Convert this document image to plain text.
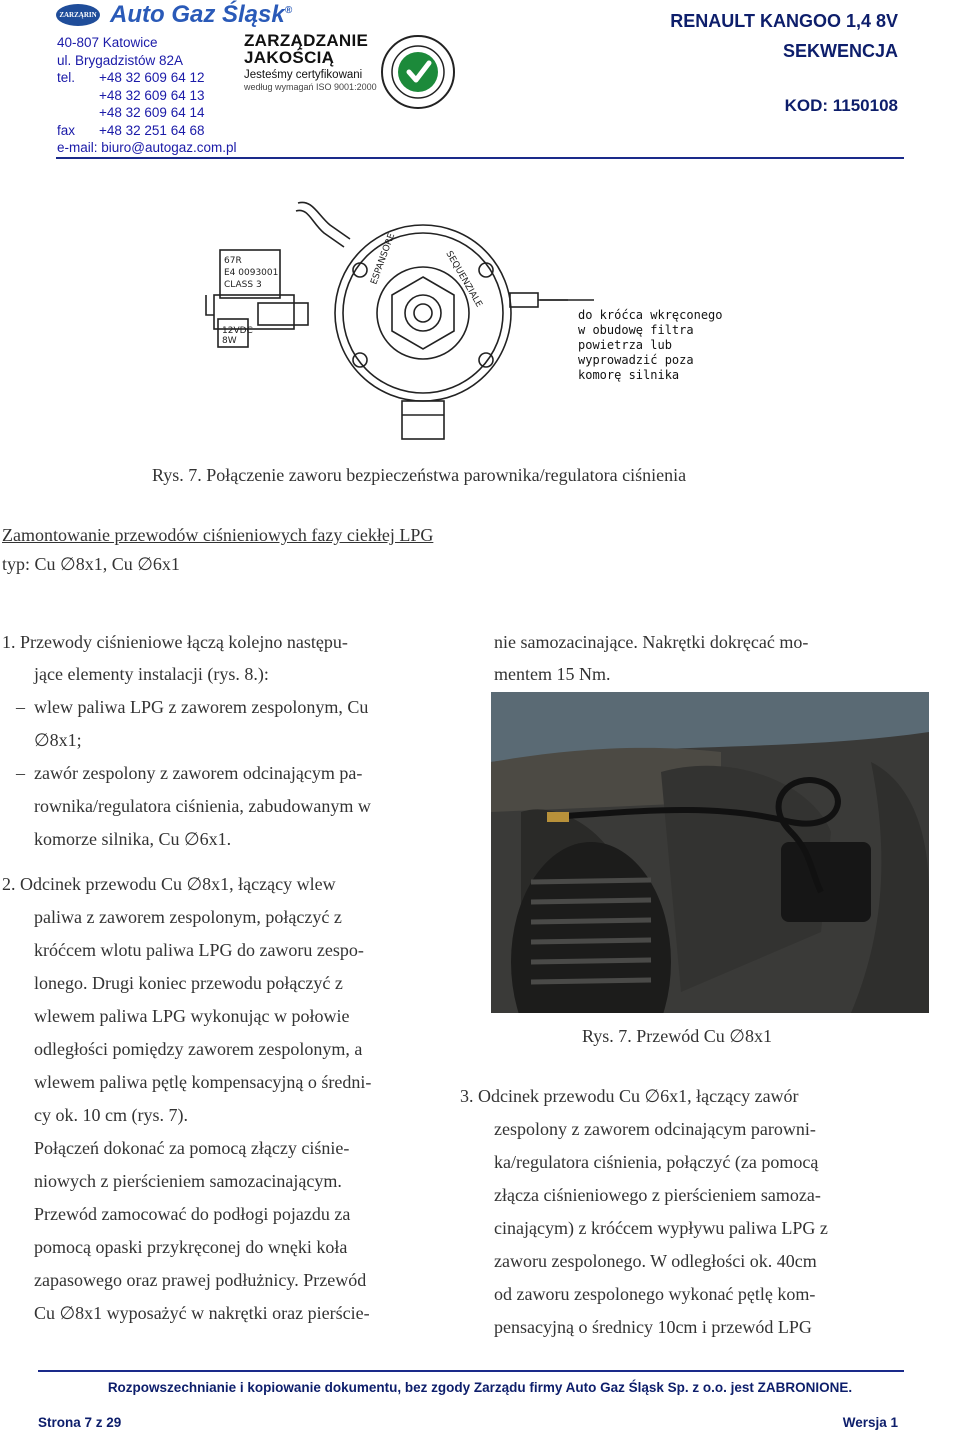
ZARZĄRIN Auto Gaz Śląsk®
40-807 Katowice
ul. Brygadzistów 82A
tel.	+48 32 609 64 12
+48 32 609 64 13
+48 32 609 64 14
fax	+48 32 251 64 68
e-mail: biuro@autogaz.com.pl
ZARZĄDZANIE
JAKOŚCIĄ
Jesteśmy certyfikowani
według wymagań ISO 9001:2000
RENAULT KANGOO 1,4 8V
SEKWENCJA
KOD: 1150108
67R
E4 0093001
CLASS 3
12VDC
8W
SEQUENZIALE
ESPANSORE
do króćca wkręconego
w obudowę filtra
powietrza lub
wyprowadzić poza
komorę silnika
Rys. 7. Połączenie zaworu bezpieczeństwa parownika/regulatora ciśnienia
Zamontowanie przewodów ciśnieniowych fazy ciekłej LPG
typ: Cu ∅8x1, Cu ∅6x1
1. Przewody ciśnieniowe łączą kolejno następu-
jące elementy instalacji (rys. 8.):
– wlew paliwa LPG z zaworem zespolonym, Cu
∅8x1;
– zawór zespolony z zaworem odcinającym pa-
rownika/regulatora ciśnienia, zabudowanym w
komorze silnika, Cu ∅6x1.
2. Odcinek przewodu Cu ∅8x1, łączący wlew
paliwa z zaworem zespolonym, połączyć z
króćcem wlotu paliwa LPG do zaworu zespo-
lonego. Drugi koniec przewodu połączyć z
wlewem paliwa LPG wykonując w połowie
odległości pomiędzy zaworem zespolonym, a
wlewem paliwa pętlę kompensacyjną o średni-
cy ok. 10 cm (rys. 7).
Połączeń dokonać za pomocą złączy ciśnie-
niowych z pierścieniem samozacinającym.
Przewód zamocować do podłogi pojazdu za
pomocą opaski przykręconej do wnęki koła
zapasowego oraz prawej podłużnicy. Przewód
Cu ∅8x1 wyposażyć w nakrętki oraz pierście-
nie samozacinające. Nakrętki dokręcać mo-
mentem 15 Nm.
Rys. 7. Przewód Cu ∅8x1
3. Odcinek przewodu Cu ∅6x1, łączący zawór
zespolony z zaworem odcinającym parowni-
ka/regulatora ciśnienia, połączyć (za pomocą
złącza ciśnieniowego z pierścieniem samoza-
cinającym) z króćcem wypływu paliwa LPG z
zaworu zespolonego. W odległości ok. 40cm
od zaworu zespolonego wykonać pętlę kom-
pensacyjną o średnicy 10cm i przewód LPG
Rozpowszechnianie i kopiowanie dokumentu, bez zgody Zarządu firmy Auto Gaz Śląsk Sp. z o.o. jest ZABRONIONE.
Strona 7 z 29	Wersja 1
